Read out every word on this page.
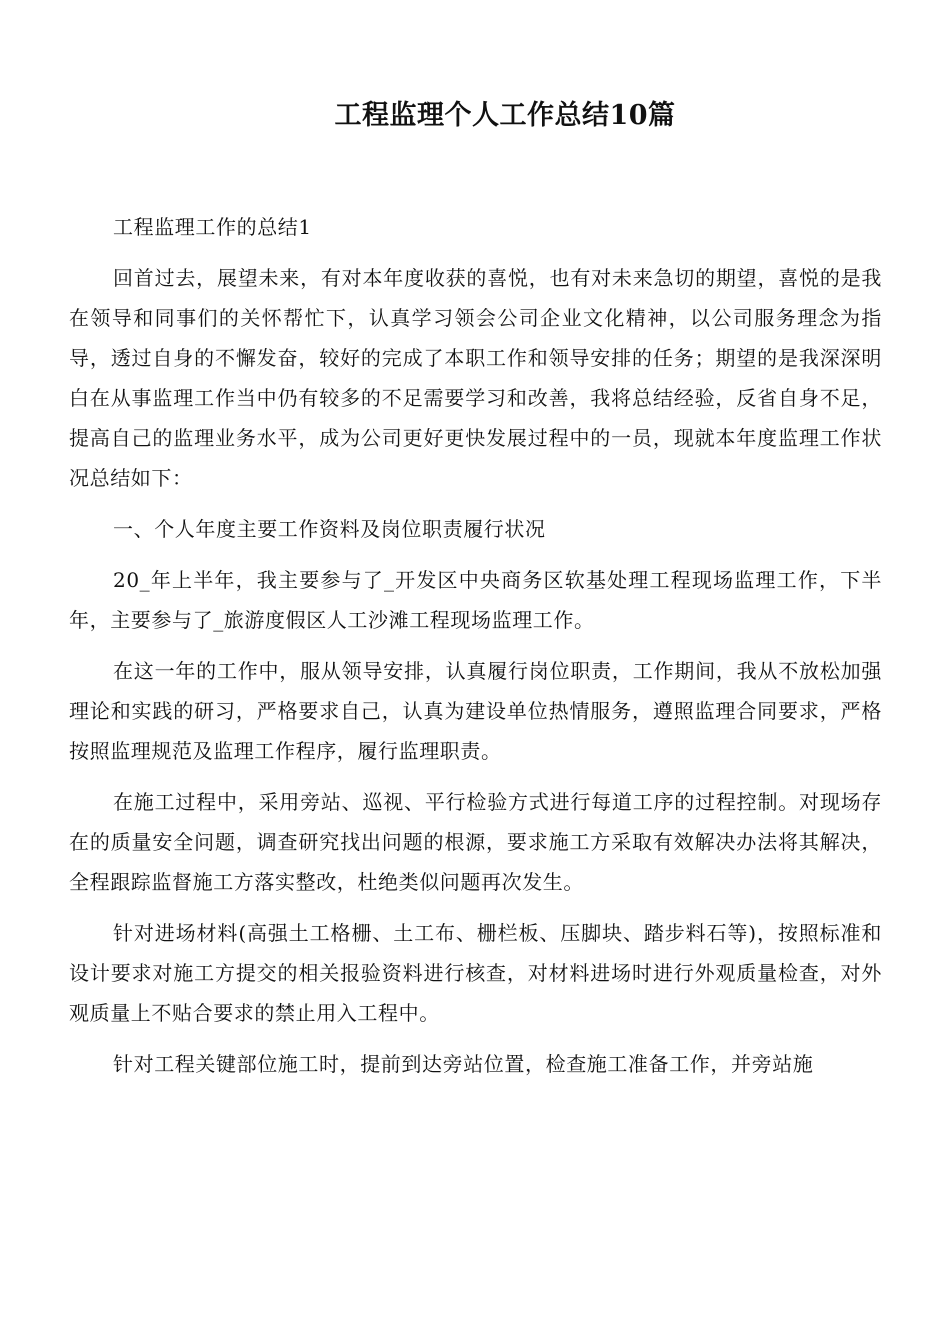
工程监理个人工作总结10篇

工程监理工作的总结1

回首过去，展望未来，有对本年度收获的喜悦，也有对未来急切的期望，喜悦的是我在领导和同事们的关怀帮忙下，认真学习领会公司企业文化精神，以公司服务理念为指导，透过自身的不懈发奋，较好的完成了本职工作和领导安排的任务；期望的是我深深明白在从事监理工作当中仍有较多的不足需要学习和改善，我将总结经验，反省自身不足，提高自己的监理业务水平，成为公司更好更快发展过程中的一员，现就本年度监理工作状况总结如下：

一、个人年度主要工作资料及岗位职责履行状况

20_年上半年，我主要参与了_开发区中央商务区软基处理工程现场监理工作，下半年，主要参与了_旅游度假区人工沙滩工程现场监理工作。

在这一年的工作中，服从领导安排，认真履行岗位职责，工作期间，我从不放松加强理论和实践的研习，严格要求自己，认真为建设单位热情服务，遵照监理合同要求，严格按照监理规范及监理工作程序，履行监理职责。

在施工过程中，采用旁站、巡视、平行检验方式进行每道工序的过程控制。对现场存在的质量安全问题，调查研究找出问题的根源，要求施工方采取有效解决办法将其解决，全程跟踪监督施工方落实整改，杜绝类似问题再次发生。

针对进场材料(高强土工格栅、土工布、栅栏板、压脚块、踏步料石等)，按照标准和设计要求对施工方提交的相关报验资料进行核查，对材料进场时进行外观质量检查，对外观质量上不贴合要求的禁止用入工程中。

针对工程关键部位施工时，提前到达旁站位置，检查施工准备工作，并旁站施
